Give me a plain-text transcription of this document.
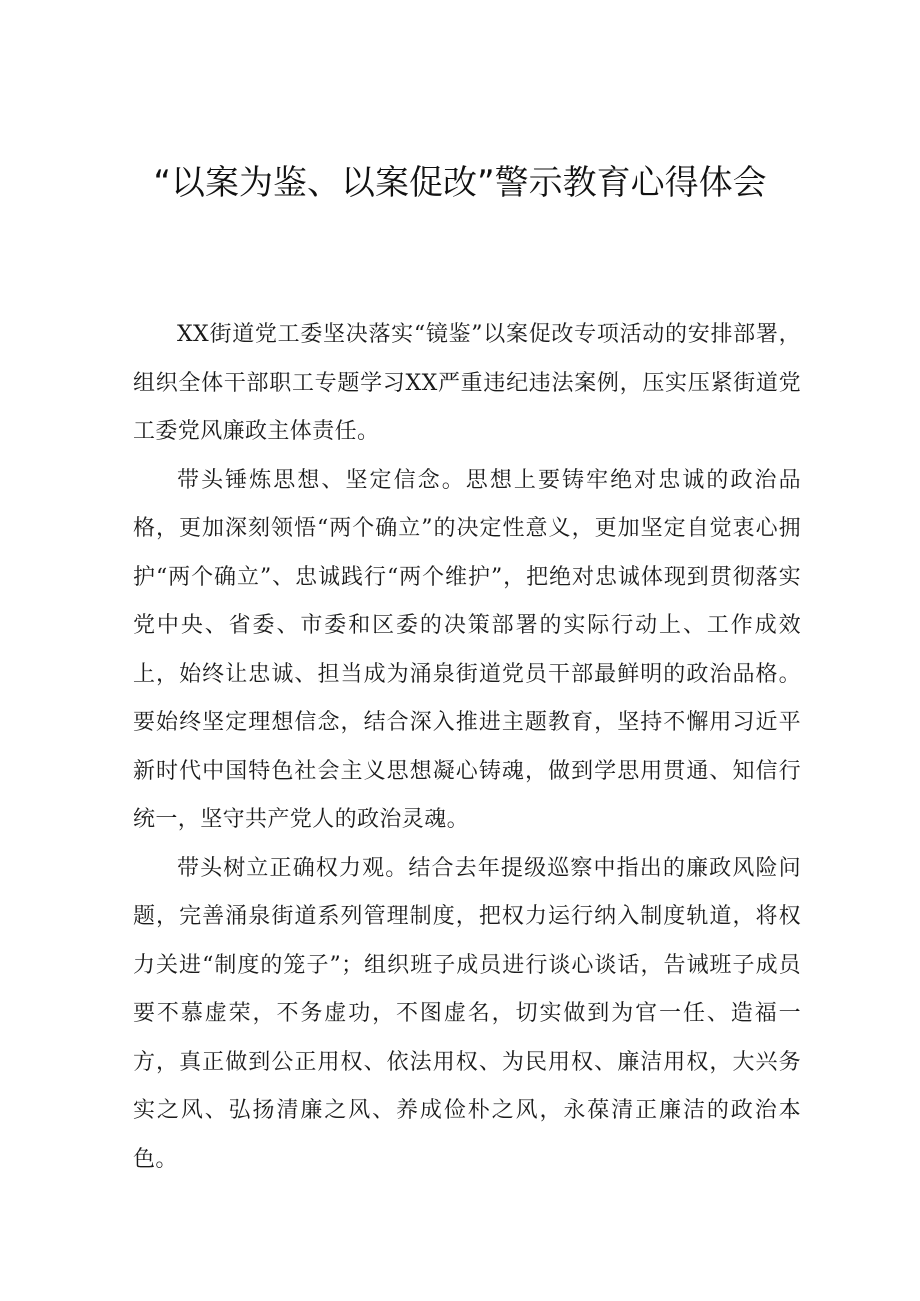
“以案为鉴、以案促改”警示教育心得体会

XX街道党工委坚决落实“镜鉴”以案促改专项活动的安排部署，组织全体干部职工专题学习XX严重违纪违法案例，压实压紧街道党工委党风廉政主体责任。

带头锤炼思想、坚定信念。思想上要铸牢绝对忠诚的政治品格，更加深刻领悟“两个确立”的决定性意义，更加坚定自觉衷心拥护“两个确立”、忠诚践行“两个维护”，把绝对忠诚体现到贯彻落实党中央、省委、市委和区委的决策部署的实际行动上、工作成效上，始终让忠诚、担当成为涌泉街道党员干部最鲜明的政治品格。要始终坚定理想信念，结合深入推进主题教育，坚持不懈用习近平新时代中国特色社会主义思想凝心铸魂，做到学思用贯通、知信行统一，坚守共产党人的政治灵魂。

带头树立正确权力观。结合去年提级巡察中指出的廉政风险问题，完善涌泉街道系列管理制度，把权力运行纳入制度轨道，将权力关进“制度的笼子”；组织班子成员进行谈心谈话，告诫班子成员要不慕虚荣，不务虚功，不图虚名，切实做到为官一任、造福一方，真正做到公正用权、依法用权、为民用权、廉洁用权，大兴务实之风、弘扬清廉之风、养成俭朴之风，永葆清正廉洁的政治本色。
